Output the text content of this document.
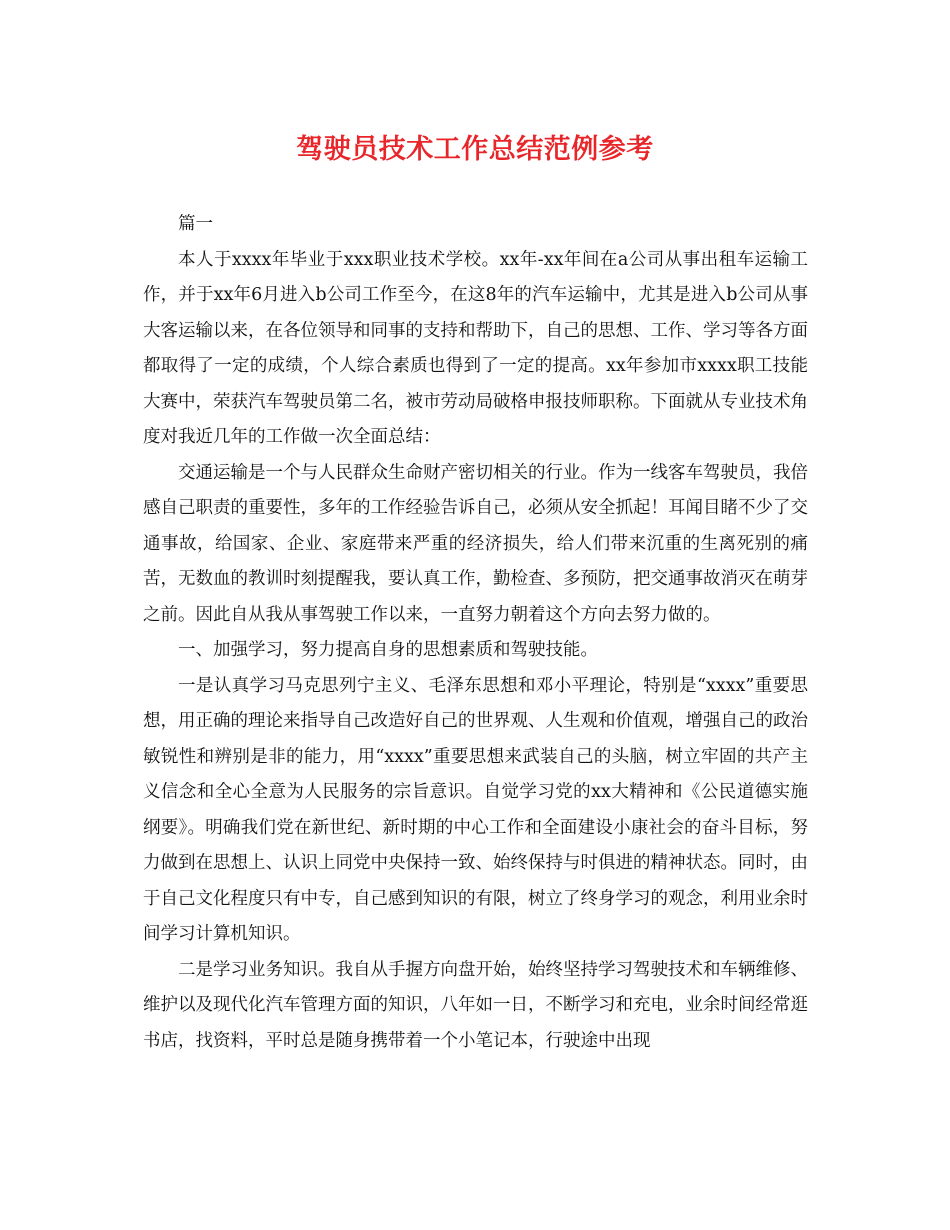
驾驶员技术工作总结范例参考

篇一

本人于xxxx年毕业于xxx职业技术学校。xx年-xx年间在a公司从事出租车运输工作，并于xx年6月进入b公司工作至今，在这8年的汽车运输中，尤其是进入b公司从事大客运输以来，在各位领导和同事的支持和帮助下，自己的思想、工作、学习等各方面都取得了一定的成绩，个人综合素质也得到了一定的提高。xx年参加市xxxx职工技能大赛中，荣获汽车驾驶员第二名，被市劳动局破格申报技师职称。下面就从专业技术角度对我近几年的工作做一次全面总结：

交通运输是一个与人民群众生命财产密切相关的行业。作为一线客车驾驶员，我倍感自己职责的重要性，多年的工作经验告诉自己，必须从安全抓起！耳闻目睹不少了交通事故，给国家、企业、家庭带来严重的经济损失，给人们带来沉重的生离死别的痛苦，无数血的教训时刻提醒我，要认真工作，勤检查、多预防，把交通事故消灭在萌芽之前。因此自从我从事驾驶工作以来，一直努力朝着这个方向去努力做的。

一、加强学习，努力提高自身的思想素质和驾驶技能。

一是认真学习马克思列宁主义、毛泽东思想和邓小平理论，特别是“xxxx”重要思想，用正确的理论来指导自己改造好自己的世界观、人生观和价值观，增强自己的政治敏锐性和辨别是非的能力，用“xxxx”重要思想来武装自己的头脑，树立牢固的共产主义信念和全心全意为人民服务的宗旨意识。自觉学习党的xx大精神和《公民道德实施纲要》。明确我们党在新世纪、新时期的中心工作和全面建设小康社会的奋斗目标，努力做到在思想上、认识上同党中央保持一致、始终保持与时俱进的精神状态。同时，由于自己文化程度只有中专，自己感到知识的有限，树立了终身学习的观念，利用业余时间学习计算机知识。

二是学习业务知识。我自从手握方向盘开始，始终坚持学习驾驶技术和车辆维修、维护以及现代化汽车管理方面的知识，八年如一日，不断学习和充电，业余时间经常逛书店，找资料，平时总是随身携带着一个小笔记本，行驶途中出现
